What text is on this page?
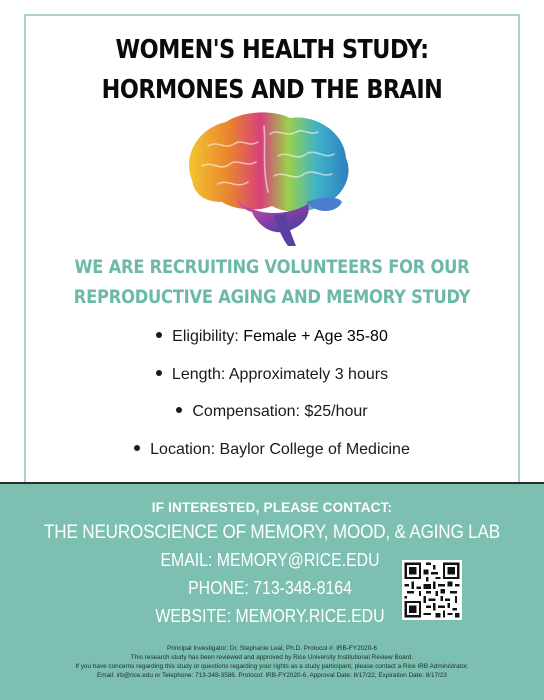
WOMEN'S HEALTH STUDY:
HORMONES AND THE BRAIN
WE ARE RECRUITING VOLUNTEERS FOR OUR
REPRODUCTIVE AGING AND MEMORY STUDY
Eligibility: Female + Age 35-80
Length: Approximately 3 hours
Compensation: $25/hour
Location: Baylor College of Medicine
IF INTERESTED, PLEASE CONTACT:
THE NEUROSCIENCE OF MEMORY, MOOD, & AGING LAB
EMAIL: MEMORY@RICE.EDU
PHONE: 713-348-8164
WEBSITE: MEMORY.RICE.EDU
Principal Investigator: Dr. Stephanie Leal, Ph.D. Protocol #: IRB-FY2020-6
This research study has been reviewed and approved by Rice University Institutional Review Board.
If you have concerns regarding this study or questions regarding your rights as a study participant, please contact a Rice IRB Administrator.
Email: irb@rice.edu or Telephone: 713-348-3586. Protocol: IRB-FY2020-6, Approval Date: 8/17/22, Expiration Date: 8/17/23
